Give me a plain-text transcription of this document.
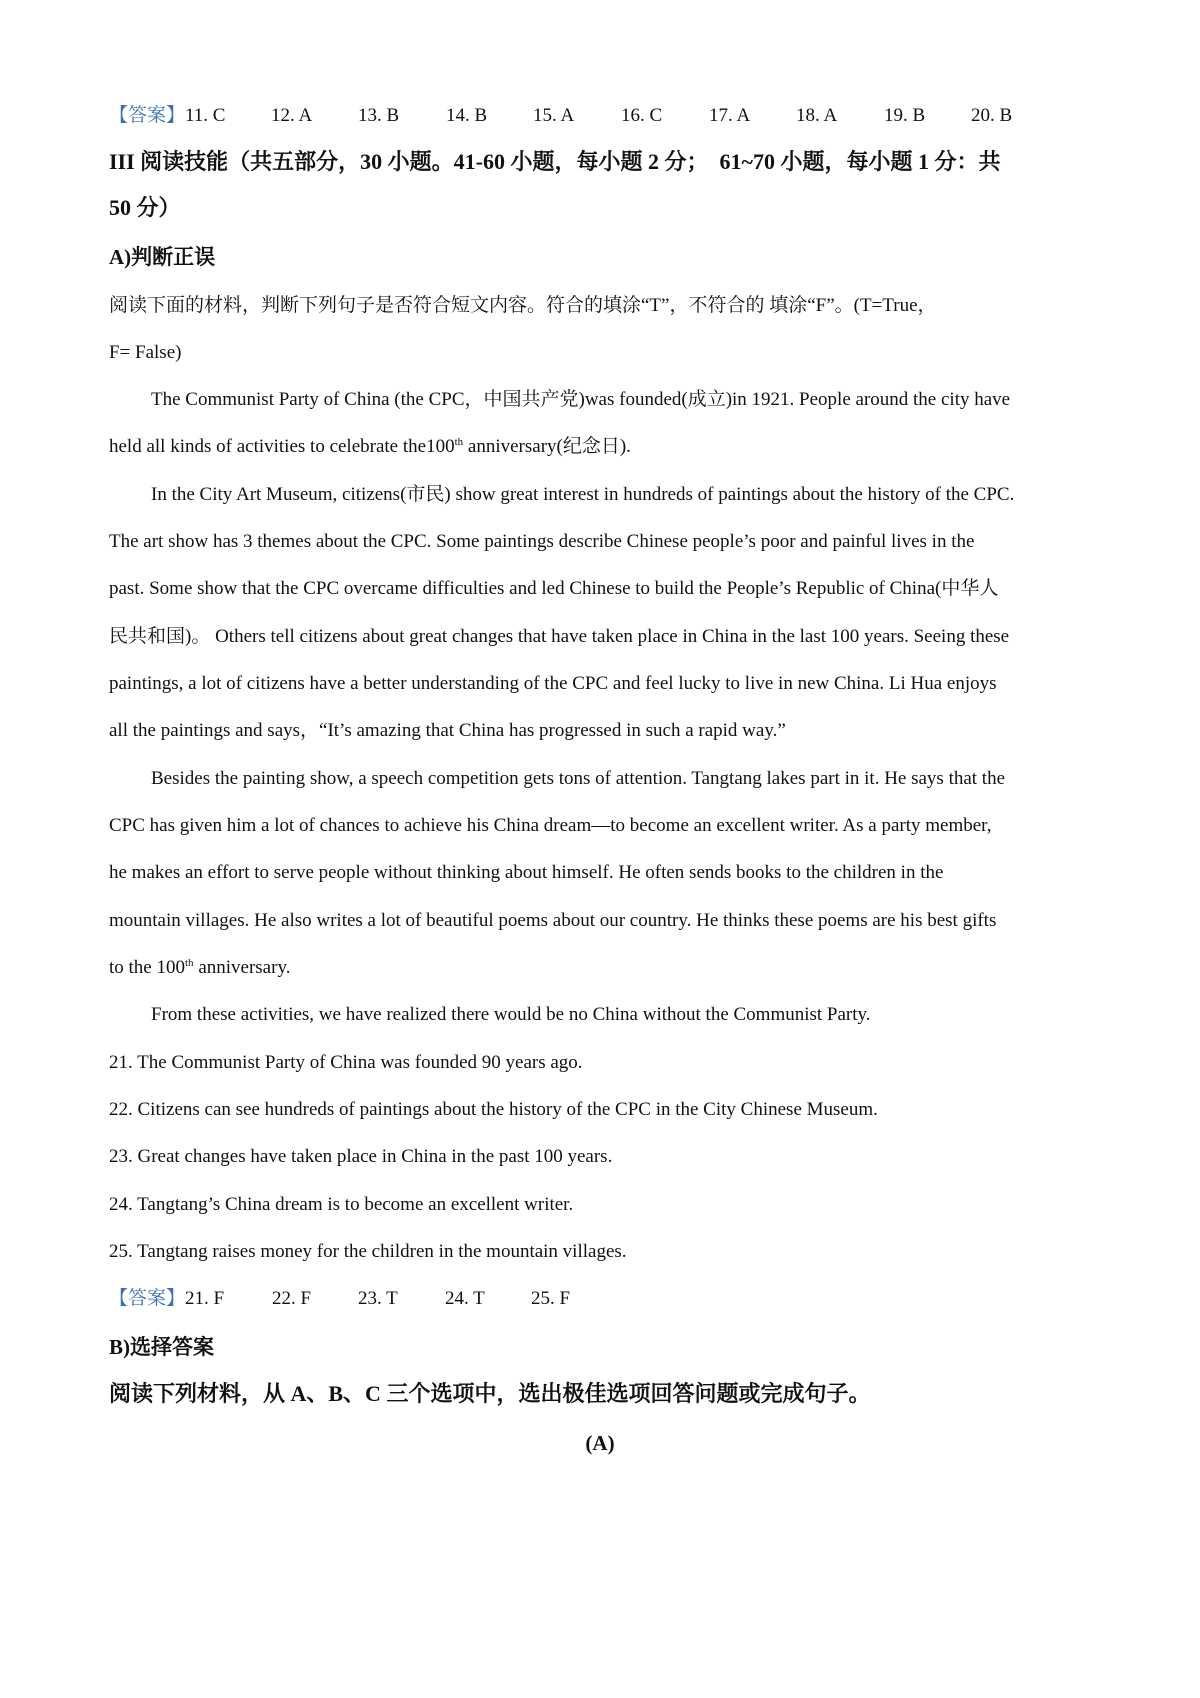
【答案】11. C 12. A 13. B 14. B 15. A 16. C 17. A 18. A 19. B 20. B
III 阅读技能（共五部分，30 小题。41-60 小题，每小题 2 分；　61~70 小题，每小题 1 分：共
50 分）
A)判断正误
阅读下面的材料，判断下列句子是否符合短文内容。符合的填涂“T”，不符合的 填涂“F”。(T=True，
F= False)
The Communist Party of China (the CPC，中国共产党)was founded(成立)in 1921. People around the city have
held all kinds of activities to celebrate the100th anniversary(纪念日).
In the City Art Museum, citizens(市民) show great interest in hundreds of paintings about the history of the CPC.
The art show has 3 themes about the CPC. Some paintings describe Chinese people’s poor and painful lives in the
past. Some show that the CPC overcame difficulties and led Chinese to build the People’s Republic of China(中华人
民共和国)。 Others tell citizens about great changes that have taken place in China in the last 100 years. Seeing these
paintings, a lot of citizens have a better understanding of the CPC and feel lucky to live in new China. Li Hua enjoys
all the paintings and says，“It’s amazing that China has progressed in such a rapid way.”
Besides the painting show, a speech competition gets tons of attention. Tangtang lakes part in it. He says that the
CPC has given him a lot of chances to achieve his China dream—to become an excellent writer. As a party member,
he makes an effort to serve people without thinking about himself. He often sends books to the children in the
mountain villages. He also writes a lot of beautiful poems about our country. He thinks these poems are his best gifts
to the 100th anniversary.
From these activities, we have realized there would be no China without the Communist Party.
21. The Communist Party of China was founded 90 years ago.
22. Citizens can see hundreds of paintings about the history of the CPC in the City Chinese Museum.
23. Great changes have taken place in China in the past 100 years.
24. Tangtang’s China dream is to become an excellent writer.
25. Tangtang raises money for the children in the mountain villages.
【答案】21. F	22. F 23. T 24. T 25. F
B)选择答案
阅读下列材料，从 A、B、C 三个选项中，选出极佳选项回答问题或完成句子。
(A)
